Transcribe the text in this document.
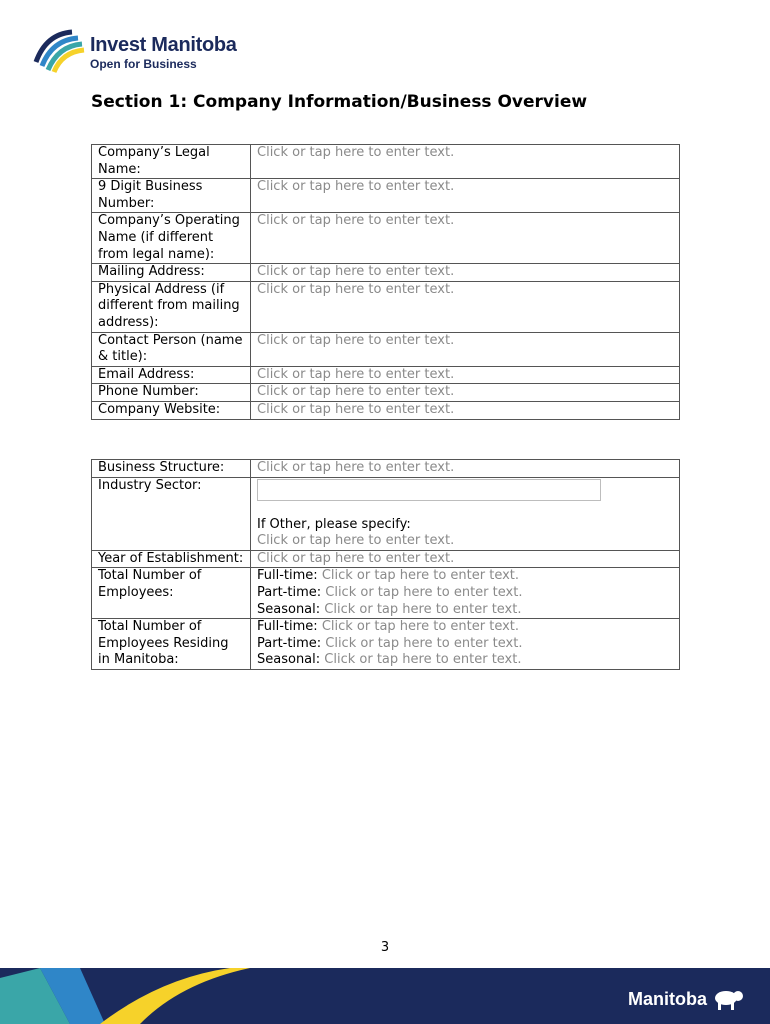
Invest Manitoba
Open for Business
Section 1: Company Information/Business Overview
Company’s Legal Name:	Click or tap here to enter text.
9 Digit Business Number:	Click or tap here to enter text.
Company’s Operating Name (if different from legal name):	Click or tap here to enter text.
Mailing Address:	Click or tap here to enter text.
Physical Address (if different from mailing address):	Click or tap here to enter text.
Contact Person (name & title):	Click or tap here to enter text.
Email Address:	Click or tap here to enter text.
Phone Number:	Click or tap here to enter text.
Company Website:	Click or tap here to enter text.
Business Structure:	Click or tap here to enter text.
Industry Sector:	If Other, please specify:
Click or tap here to enter text.

Year of Establishment:	Click or tap here to enter text.
Total Number of Employees:	Full-time: Click or tap here to enter text.
Part-time: Click or tap here to enter text.
Seasonal: Click or tap here to enter text.

Total Number of Employees Residing in Manitoba:	Full-time: Click or tap here to enter text.
Part-time: Click or tap here to enter text.
Seasonal: Click or tap here to enter text.
3
Manitoba
